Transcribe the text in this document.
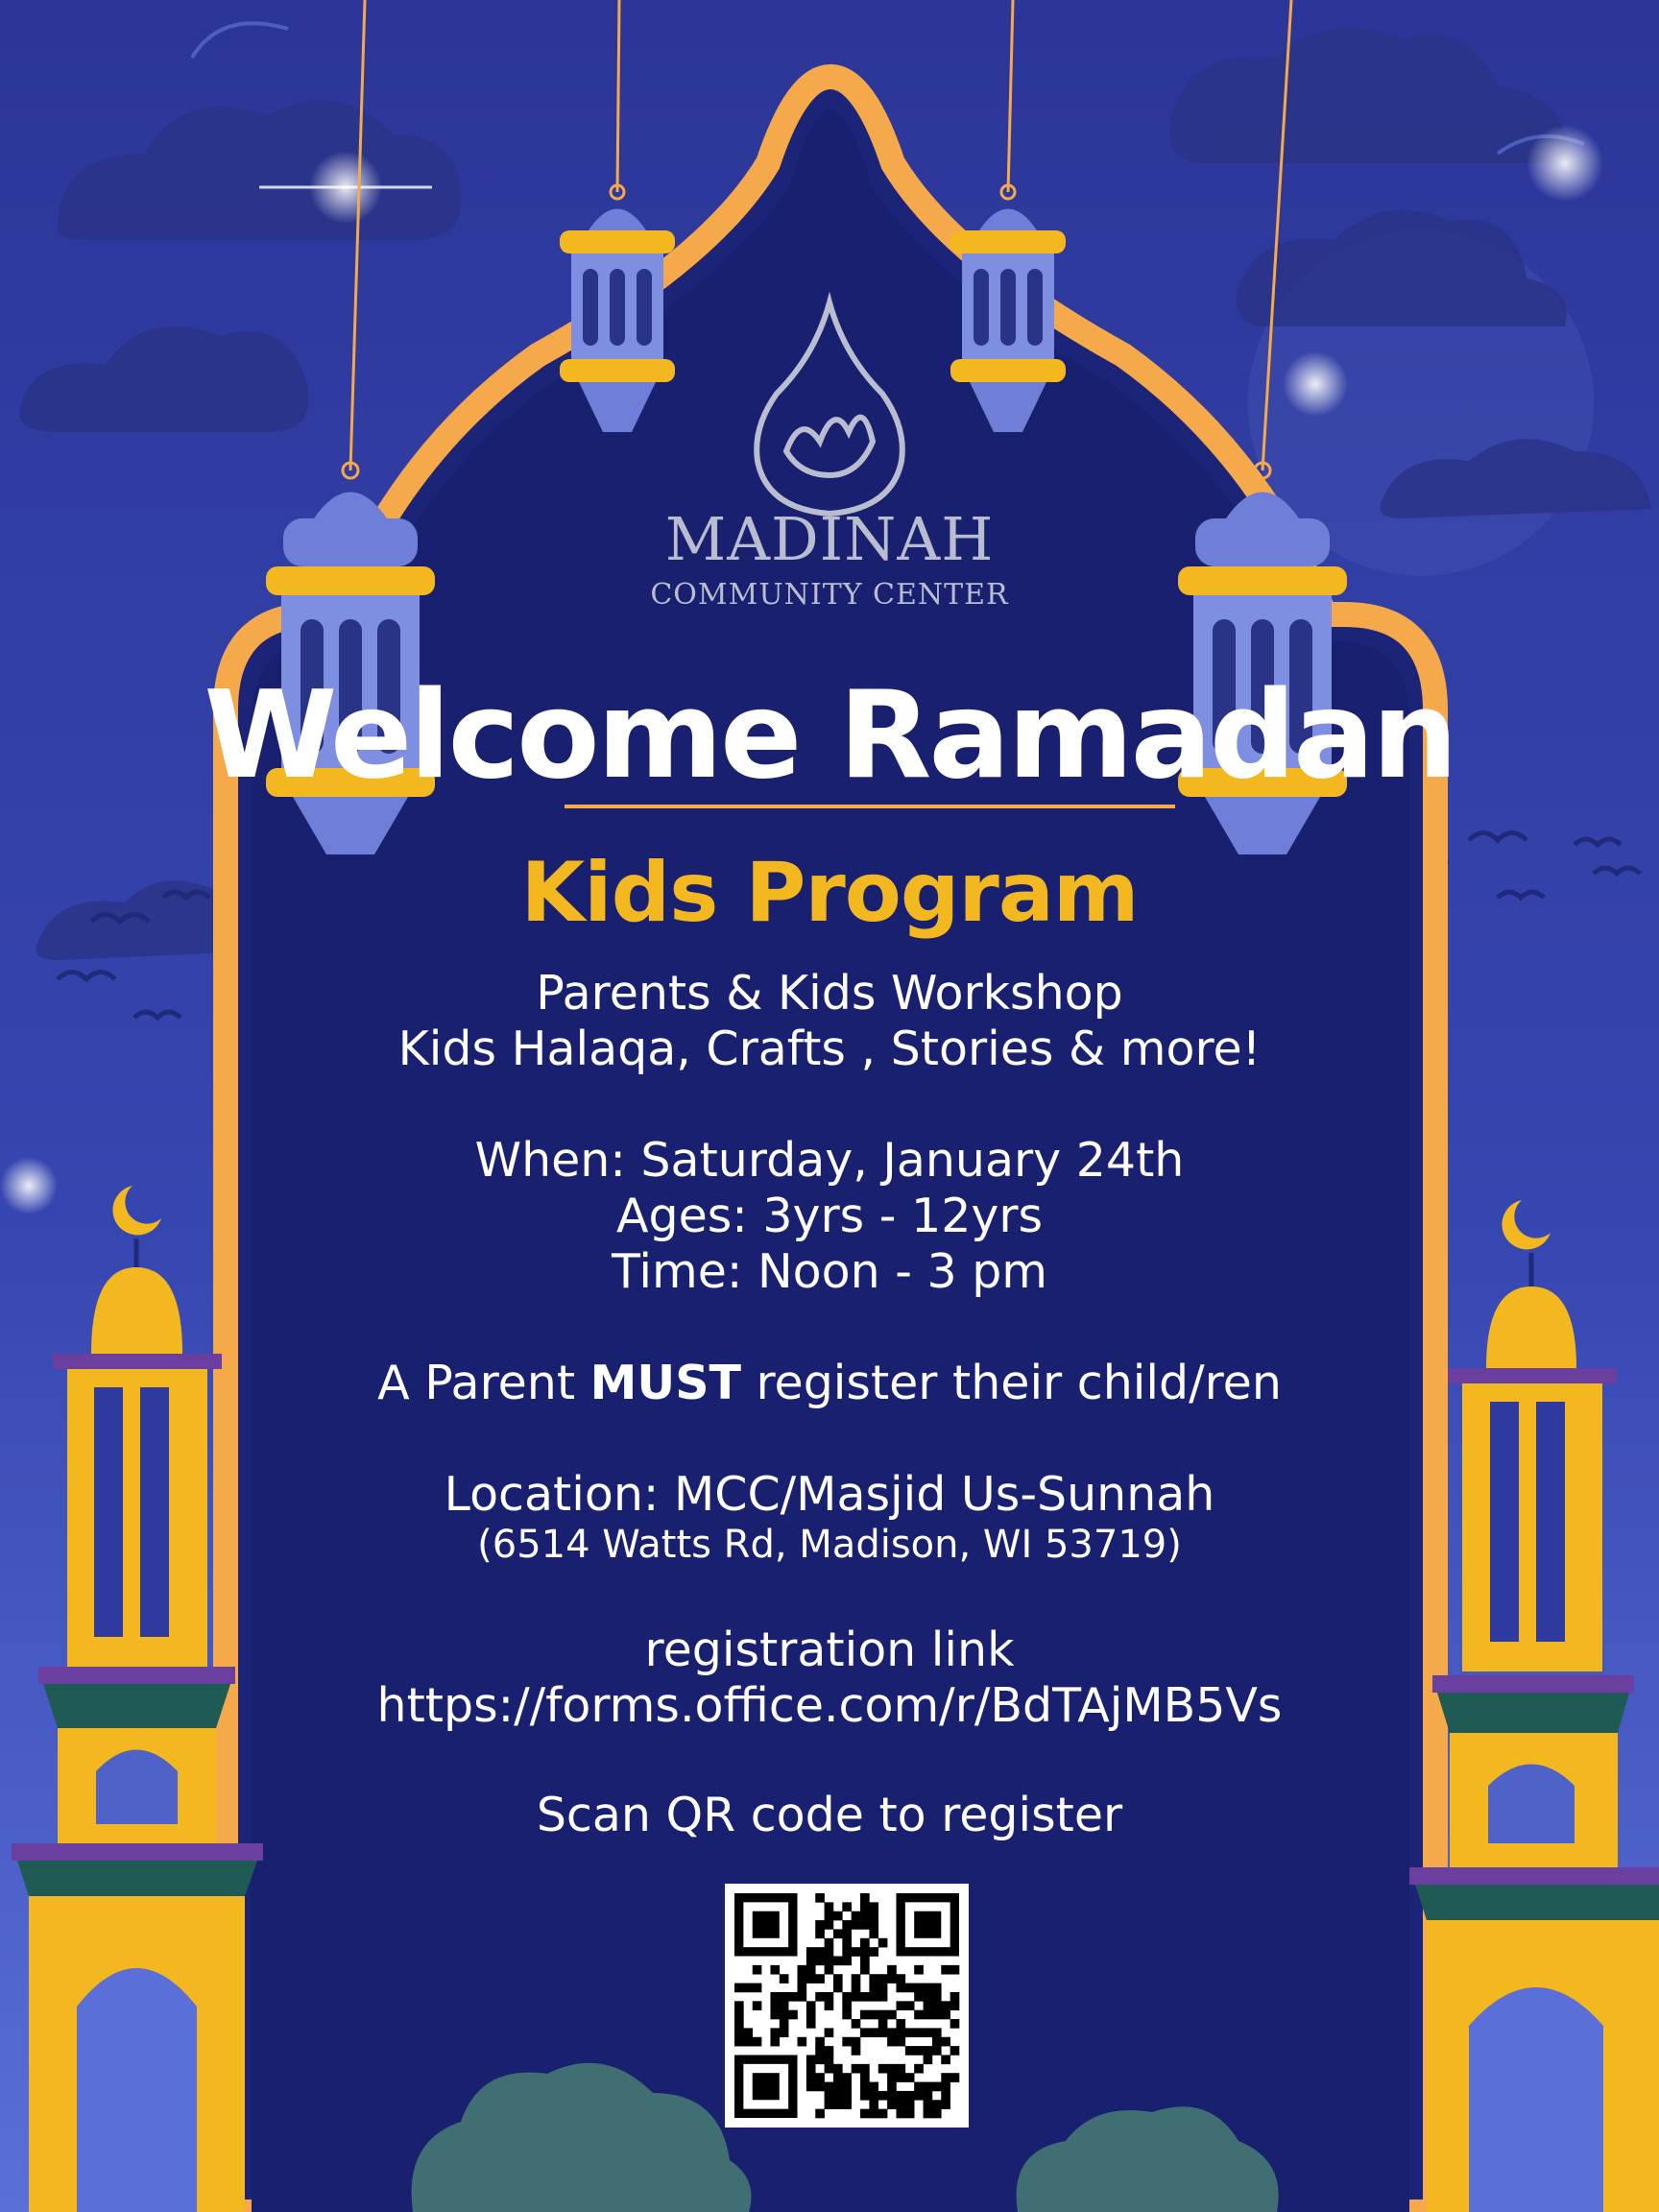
MADINAH
COMMUNITY CENTER
Welcome Ramadan
Kids Program
Parents & Kids Workshop
Kids Halaqa, Crafts , Stories & more!
When: Saturday, January 24th
Ages: 3yrs - 12yrs
Time: Noon - 3 pm
A Parent MUST register their child/ren
Location: MCC/Masjid Us-Sunnah
(6514 Watts Rd, Madison, WI 53719)
registration link
https://forms.office.com/r/BdTAjMB5Vs
Scan QR code to register
